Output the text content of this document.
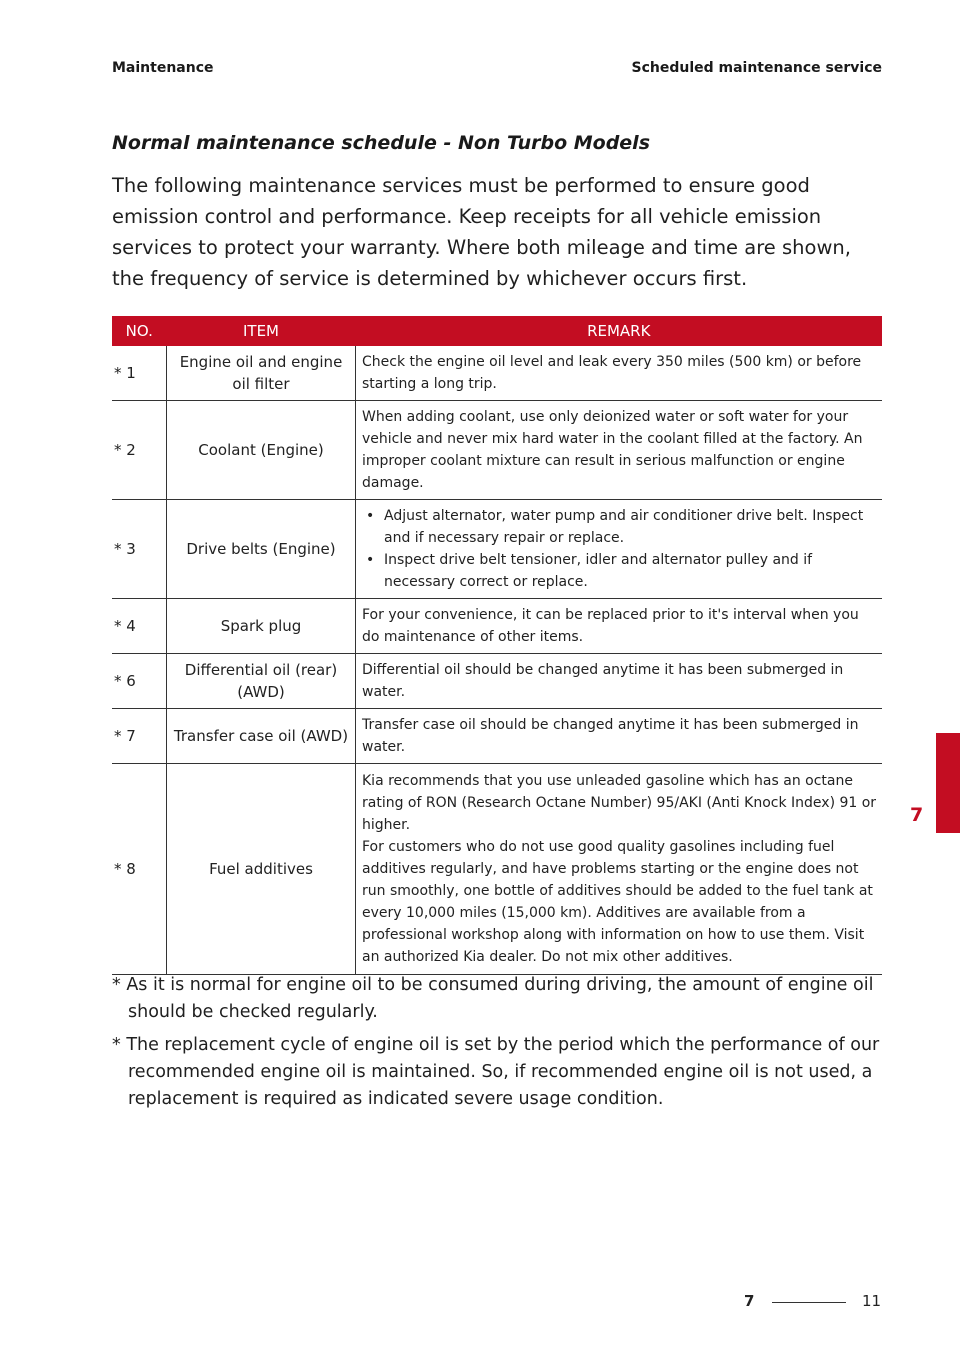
Maintenance	Scheduled maintenance service
Normal maintenance schedule - Non Turbo Models

The following maintenance services must be performed to ensure good emission control and performance. Keep receipts for all vehicle emission services to protect your warranty. Where both mileage and time are shown, the frequency of service is determined by whichever occurs first.

NO.	ITEM	REMARK
* 1	Engine oil and engine oil filter	Check the engine oil level and leak every 350 miles (500 km) or before starting a long trip.
* 2	Coolant (Engine)	When adding coolant, use only deionized water or soft water for your vehicle and never mix hard water in the coolant filled at the factory. An improper coolant mixture can result in serious malfunction or engine damage.
* 3	Drive belts (Engine)	• Adjust alternator, water pump and air conditioner drive belt. Inspect and if necessary repair or replace.
• Inspect drive belt tensioner, idler and alternator pulley and if necessary correct or replace.

* 4	Spark plug	For your convenience, it can be replaced prior to it's interval when you do maintenance of other items.
* 6	Differential oil (rear) (AWD)	Differential oil should be changed anytime it has been submerged in water.
* 7	Transfer case oil (AWD)	Transfer case oil should be changed anytime it has been submerged in water.
* 8	Fuel additives	Kia recommends that you use unleaded gasoline which has an octane rating of RON (Research Octane Number) 95/AKI (Anti Knock Index) 91 or higher.
For customers who do not use good quality gasolines including fuel additives regularly, and have problems starting or the engine does not run smoothly, one bottle of additives should be added to the fuel tank at every 10,000 miles (15,000 km). Additives are available from a professional workshop along with information on how to use them. Visit an authorized Kia dealer. Do not mix other additives.
* As it is normal for engine oil to be consumed during driving, the amount of engine oil should be checked regularly.
* The replacement cycle of engine oil is set by the period which the performance of our recommended engine oil is maintained. So, if recommended engine oil is not used, a replacement is required as indicated severe usage condition.
7
7	11
